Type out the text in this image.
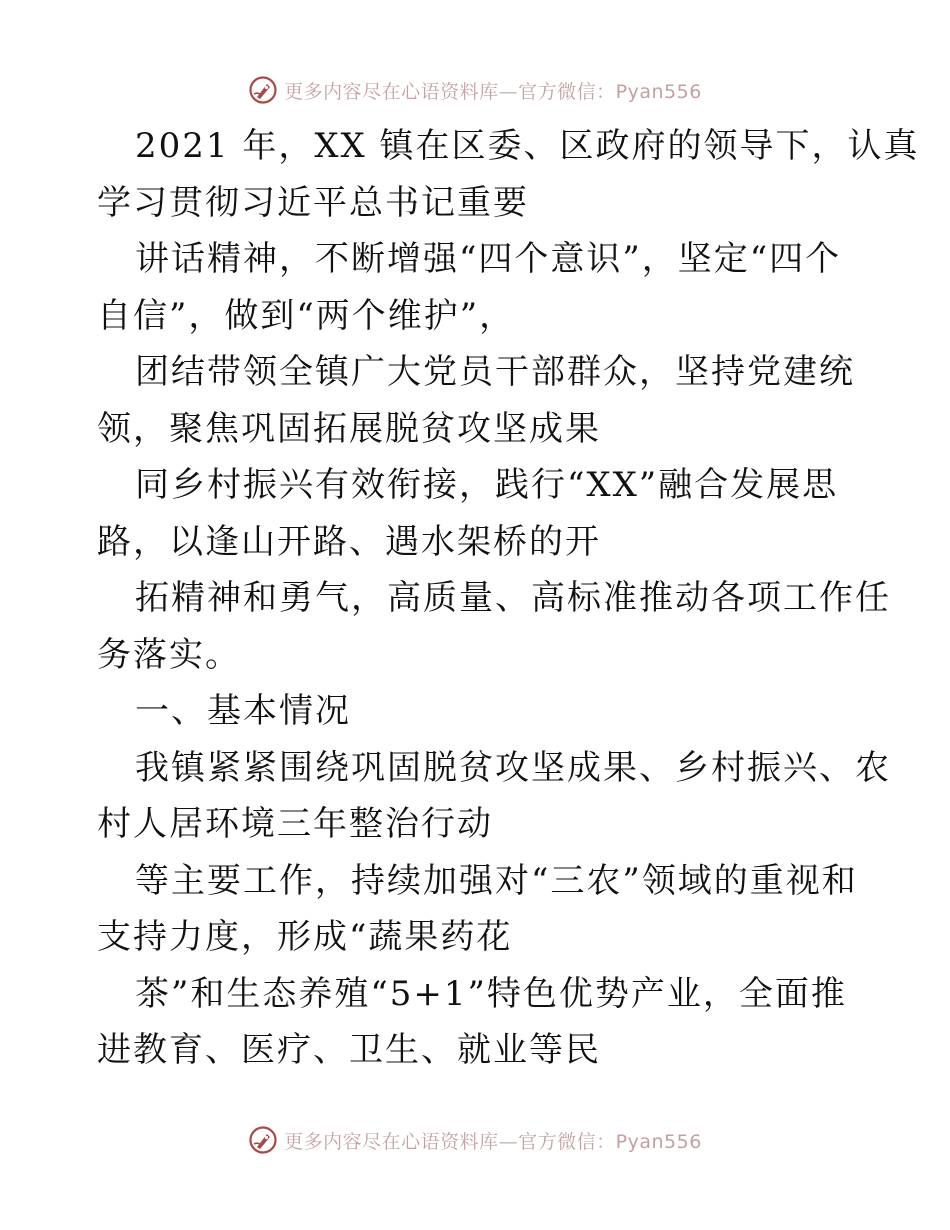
更多内容尽在心语资料库—官方微信：Pyan556
2021 年，XX 镇在区委、区政府的领导下，认真
学习贯彻习近平总书记重要
讲话精神，不断增强“四个意识”，坚定“四个
自信”，做到“两个维护”，
团结带领全镇广大党员干部群众，坚持党建统
领，聚焦巩固拓展脱贫攻坚成果
同乡村振兴有效衔接，践行“XX”融合发展思
路，以逢山开路、遇水架桥的开
拓精神和勇气，高质量、高标准推动各项工作任
务落实。
一、基本情况
我镇紧紧围绕巩固脱贫攻坚成果、乡村振兴、农
村人居环境三年整治行动
等主要工作，持续加强对“三农”领域的重视和
支持力度，形成“蔬果药花
茶”和生态养殖“5+1”特色优势产业，全面推
进教育、医疗、卫生、就业等民
更多内容尽在心语资料库—官方微信：Pyan556
